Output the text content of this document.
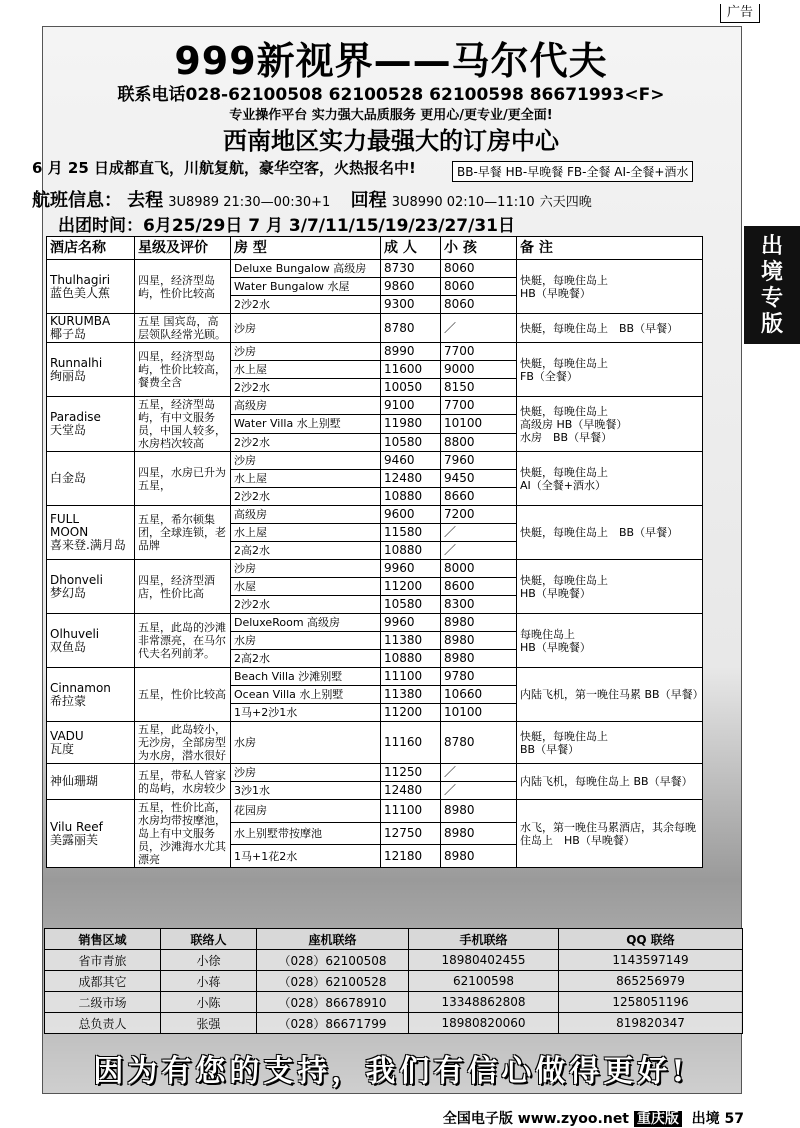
广告
出
境
专
版
999新视界——马尔代夫
联系电话028-62100508 62100528 62100598 86671993<F>
专业操作平台 实力强大品质服务 更用心/更专业/更全面!
西南地区实力最强大的订房中心
6 月 25 日成都直飞，川航复航，豪华空客，火热报名中!	BB-早餐 HB-早晚餐 FB-全餐 AI-全餐+酒水
航班信息： 去程 3U8989 21:30—00:30+1 回程 3U8990 02:10—11:10 六天四晚
出团时间：6月25/29日 7 月 3/7/11/15/19/23/27/31日
酒店名称	星级及评价	房 型	成 人	小 孩	备 注
Thulhagiri
蓝色美人蕉	四星，经济型岛屿，性价比较高	Deluxe Bungalow 高级房	8730	8060	快艇，每晚住岛上
HB（早晚餐）
		Water Bungalow 水屋	9860	8060	
		2沙2水	9300	8060	
KURUMBA
椰子岛	五星 国宾岛，高层领队经常光顾。	沙房	8780	／	快艇，每晚住岛上　BB（早餐）
Runnalhi
绚丽岛	四星，经济型岛屿，性价比较高，餐费全含	沙房	8990	7700	快艇，每晚住岛上
FB（全餐）
		水上屋	11600	9000	
		2沙2水	10050	8150	
Paradise
天堂岛	五星，经济型岛屿，有中文服务员，中国人较多，水房档次较高	高级房	9100	7700	快艇，每晚住岛上
高级房 HB（早晚餐）
水房　BB（早餐）
		Water Villa 水上别墅	11980	10100	
		2沙2水	10580	8800	
白金岛	四星，水房已升为五星，	沙房	9460	7960	快艇，每晚住岛上
AI（全餐+酒水）
		水上屋	12480	9450	
		2沙2水	10880	8660	
FULL
MOON
喜来登.满月岛	五星，希尔顿集团，全球连锁，老品牌	高级房	9600	7200	快艇，每晚住岛上　BB（早餐）
		水上屋	11580	／	
		2高2水	10880	／	
Dhonveli
梦幻岛	四星，经济型酒店，性价比高	沙房	9960	8000	快艇，每晚住岛上
HB（早晚餐）
		水屋	11200	8600	
		2沙2水	10580	8300	
Olhuveli
双鱼岛	五星，此岛的沙滩非常漂亮，在马尔代夫名列前茅。	DeluxeRoom 高级房	9960	8980	每晚住岛上
HB（早晚餐）
		水房	11380	8980	
		2高2水	10880	8980	
Cinnamon
希拉蒙	五星，性价比较高	Beach Villa 沙滩别墅	11100	9780	内陆飞机，第一晚住马累 BB（早餐）
		Ocean Villa 水上别墅	11380	10660	
		1马+2沙1水	11200	10100	
VADU
瓦度	五星，此岛较小，无沙房，全部房型为水房，潜水很好	水房	11160	8780	快艇，每晚住岛上
BB（早餐）
神仙珊瑚	五星，带私人管家的岛屿，水房较少	沙房	11250	／	内陆飞机，每晚住岛上 BB（早餐）
		3沙1水	12480	／	
Vilu Reef
美露丽芙	五星，性价比高，水房均带按摩池，岛上有中文服务员，沙滩海水尤其漂亮	花园房	11100	8980	水飞，第一晚住马累酒店，其余每晚住岛上　HB（早晚餐）
		水上别墅带按摩池	12750	8980	
		1马+1花2水	12180	8980	
销售区域	联络人	座机联络	手机联络	QQ 联络
省市青旅	小徐	（028）62100508	18980402455	1143597149
成都其它	小蒋	（028）62100528	62100598	865256979
二级市场	小陈	（028）86678910	13348862808	1258051196
总负责人	张强	（028）86671799	18980820060	819820347
因为有您的支持，我们有信心做得更好!
全国电子版 www.zyoo.net 重庆版 出境 57
